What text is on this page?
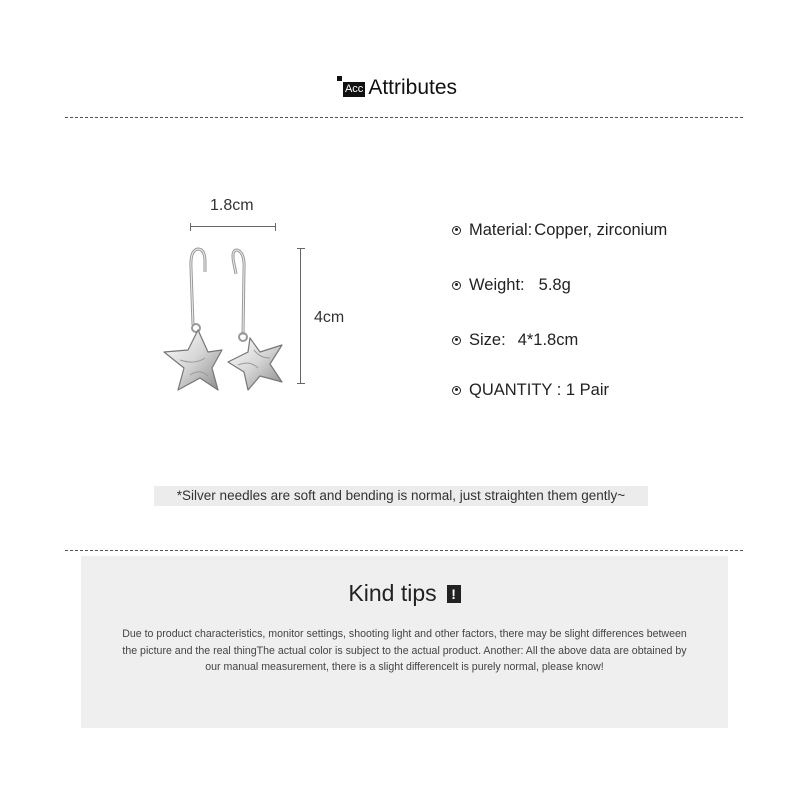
Acc Attributes
1.8cm
4cm
Material: Copper, zirconium
Weight: 5.8g
Size: 4*1.8cm
QUANTITY : 1 Pair
*Silver needles are soft and bending is normal, just straighten them gently~
Kind tips	!
Due to product characteristics, monitor settings, shooting light and other factors, there may be slight differences between the picture and the real thingThe actual color is subject to the actual product. Another: All the above data are obtained by our manual measurement, there is a slight differenceIt is purely normal, please know!
